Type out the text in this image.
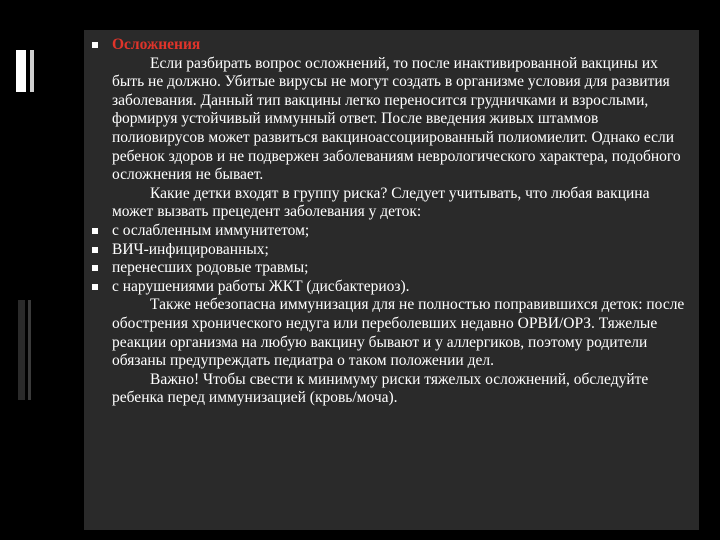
Осложнения

Если разбирать вопрос осложнений, то после инактивированной вакцины их быть не должно. Убитые вирусы не могут создать в организме условия для развития заболевания. Данный тип вакцины легко переносится грудничками и взрослыми, формируя устойчивый иммунный ответ. После введения живых штаммов полиовирусов может развиться вакциноассоциированный полиомиелит. Однако если ребенок здоров и не подвержен заболеваниям неврологического характера, подобного осложнения не бывает.

Какие детки входят в группу риска? Следует учитывать, что любая вакцина может вызвать прецедент заболевания у деток:

с ослабленным иммунитетом;

ВИЧ-инфицированных;

перенесших родовые травмы;

с нарушениями работы ЖКТ (дисбактериоз).

Также небезопасна иммунизация для не полностью поправившихся деток: после обострения хронического недуга или переболевших недавно ОРВИ/ОРЗ. Тяжелые реакции организма на любую вакцину бывают и у аллергиков, поэтому родители обязаны предупреждать педиатра о таком положении дел.

Важно! Чтобы свести к минимуму риски тяжелых осложнений, обследуйте ребенка перед иммунизацией (кровь/моча).
